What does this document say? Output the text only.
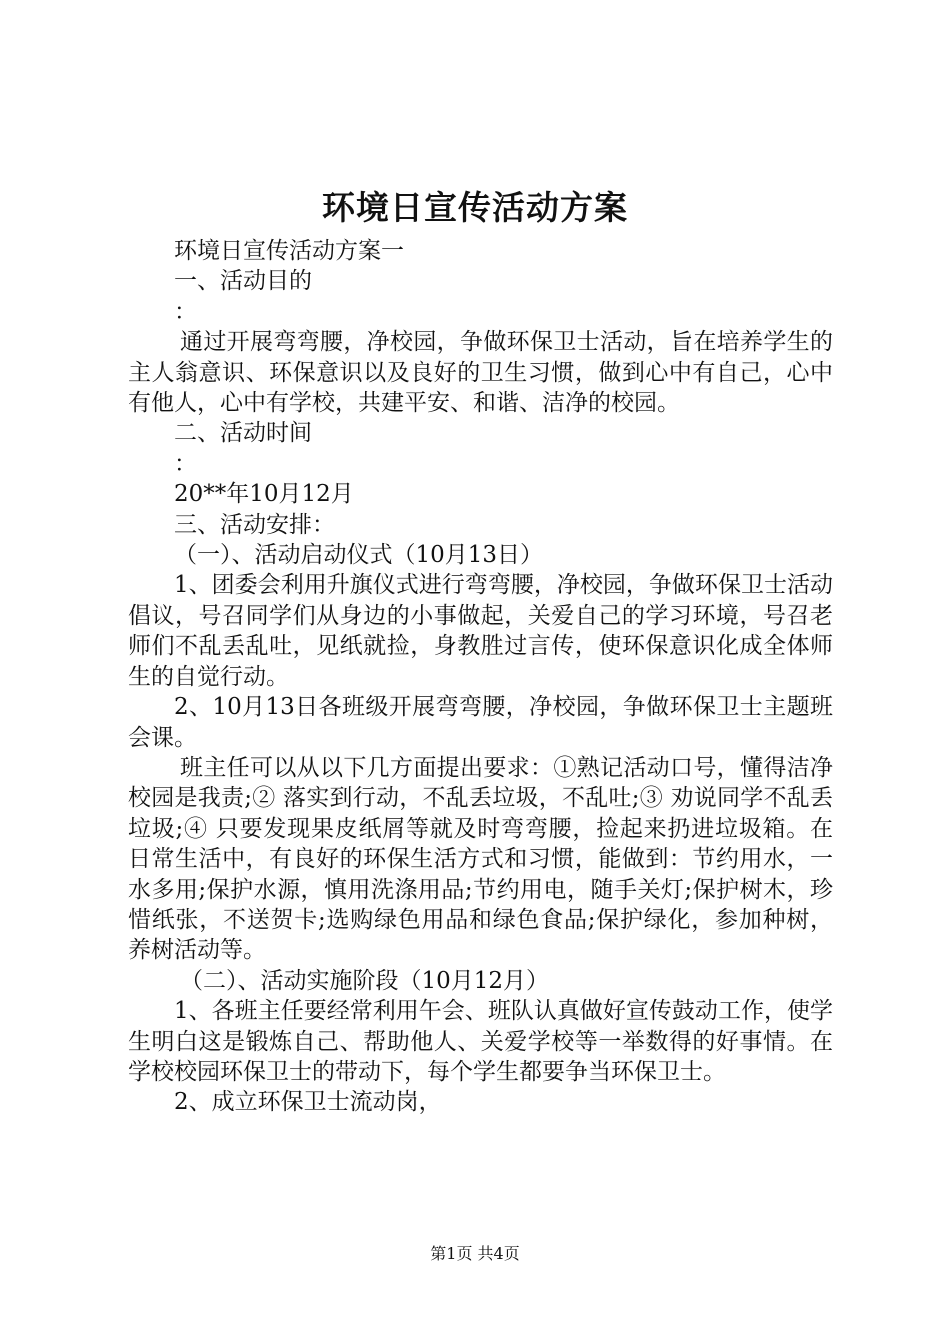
环境日宣传活动方案

环境日宣传活动方案一

一、活动目的

：

通过开展弯弯腰，净校园，争做环保卫士活动，旨在培养学生的主人翁意识、环保意识以及良好的卫生习惯，做到心中有自己，心中有他人，心中有学校，共建平安、和谐、洁净的校园。

二、活动时间

：

20**年10月12月

三、活动安排：

（一）、活动启动仪式（10月13日）

1、团委会利用升旗仪式进行弯弯腰，净校园，争做环保卫士活动倡议，号召同学们从身边的小事做起，关爱自己的学习环境，号召老师们不乱丢乱吐，见纸就捡，身教胜过言传，使环保意识化成全体师生的自觉行动。

2、10月13日各班级开展弯弯腰，净校园，争做环保卫士主题班会课。

班主任可以从以下几方面提出要求：①熟记活动口号，懂得洁净校园是我责;② 落实到行动，不乱丢垃圾，不乱吐;③ 劝说同学不乱丢垃圾;④ 只要发现果皮纸屑等就及时弯弯腰，捡起来扔进垃圾箱。在日常生活中，有良好的环保生活方式和习惯，能做到：节约用水，一水多用;保护水源，慎用洗涤用品;节约用电，随手关灯;保护树木，珍惜纸张，不送贺卡;选购绿色用品和绿色食品;保护绿化，参加种树，养树活动等。

（二）、活动实施阶段（10月12月）

1、各班主任要经常利用午会、班队认真做好宣传鼓动工作，使学生明白这是锻炼自己、帮助他人、关爱学校等一举数得的好事情。在学校校园环保卫士的带动下，每个学生都要争当环保卫士。

2、成立环保卫士流动岗，

第1页 共4页
